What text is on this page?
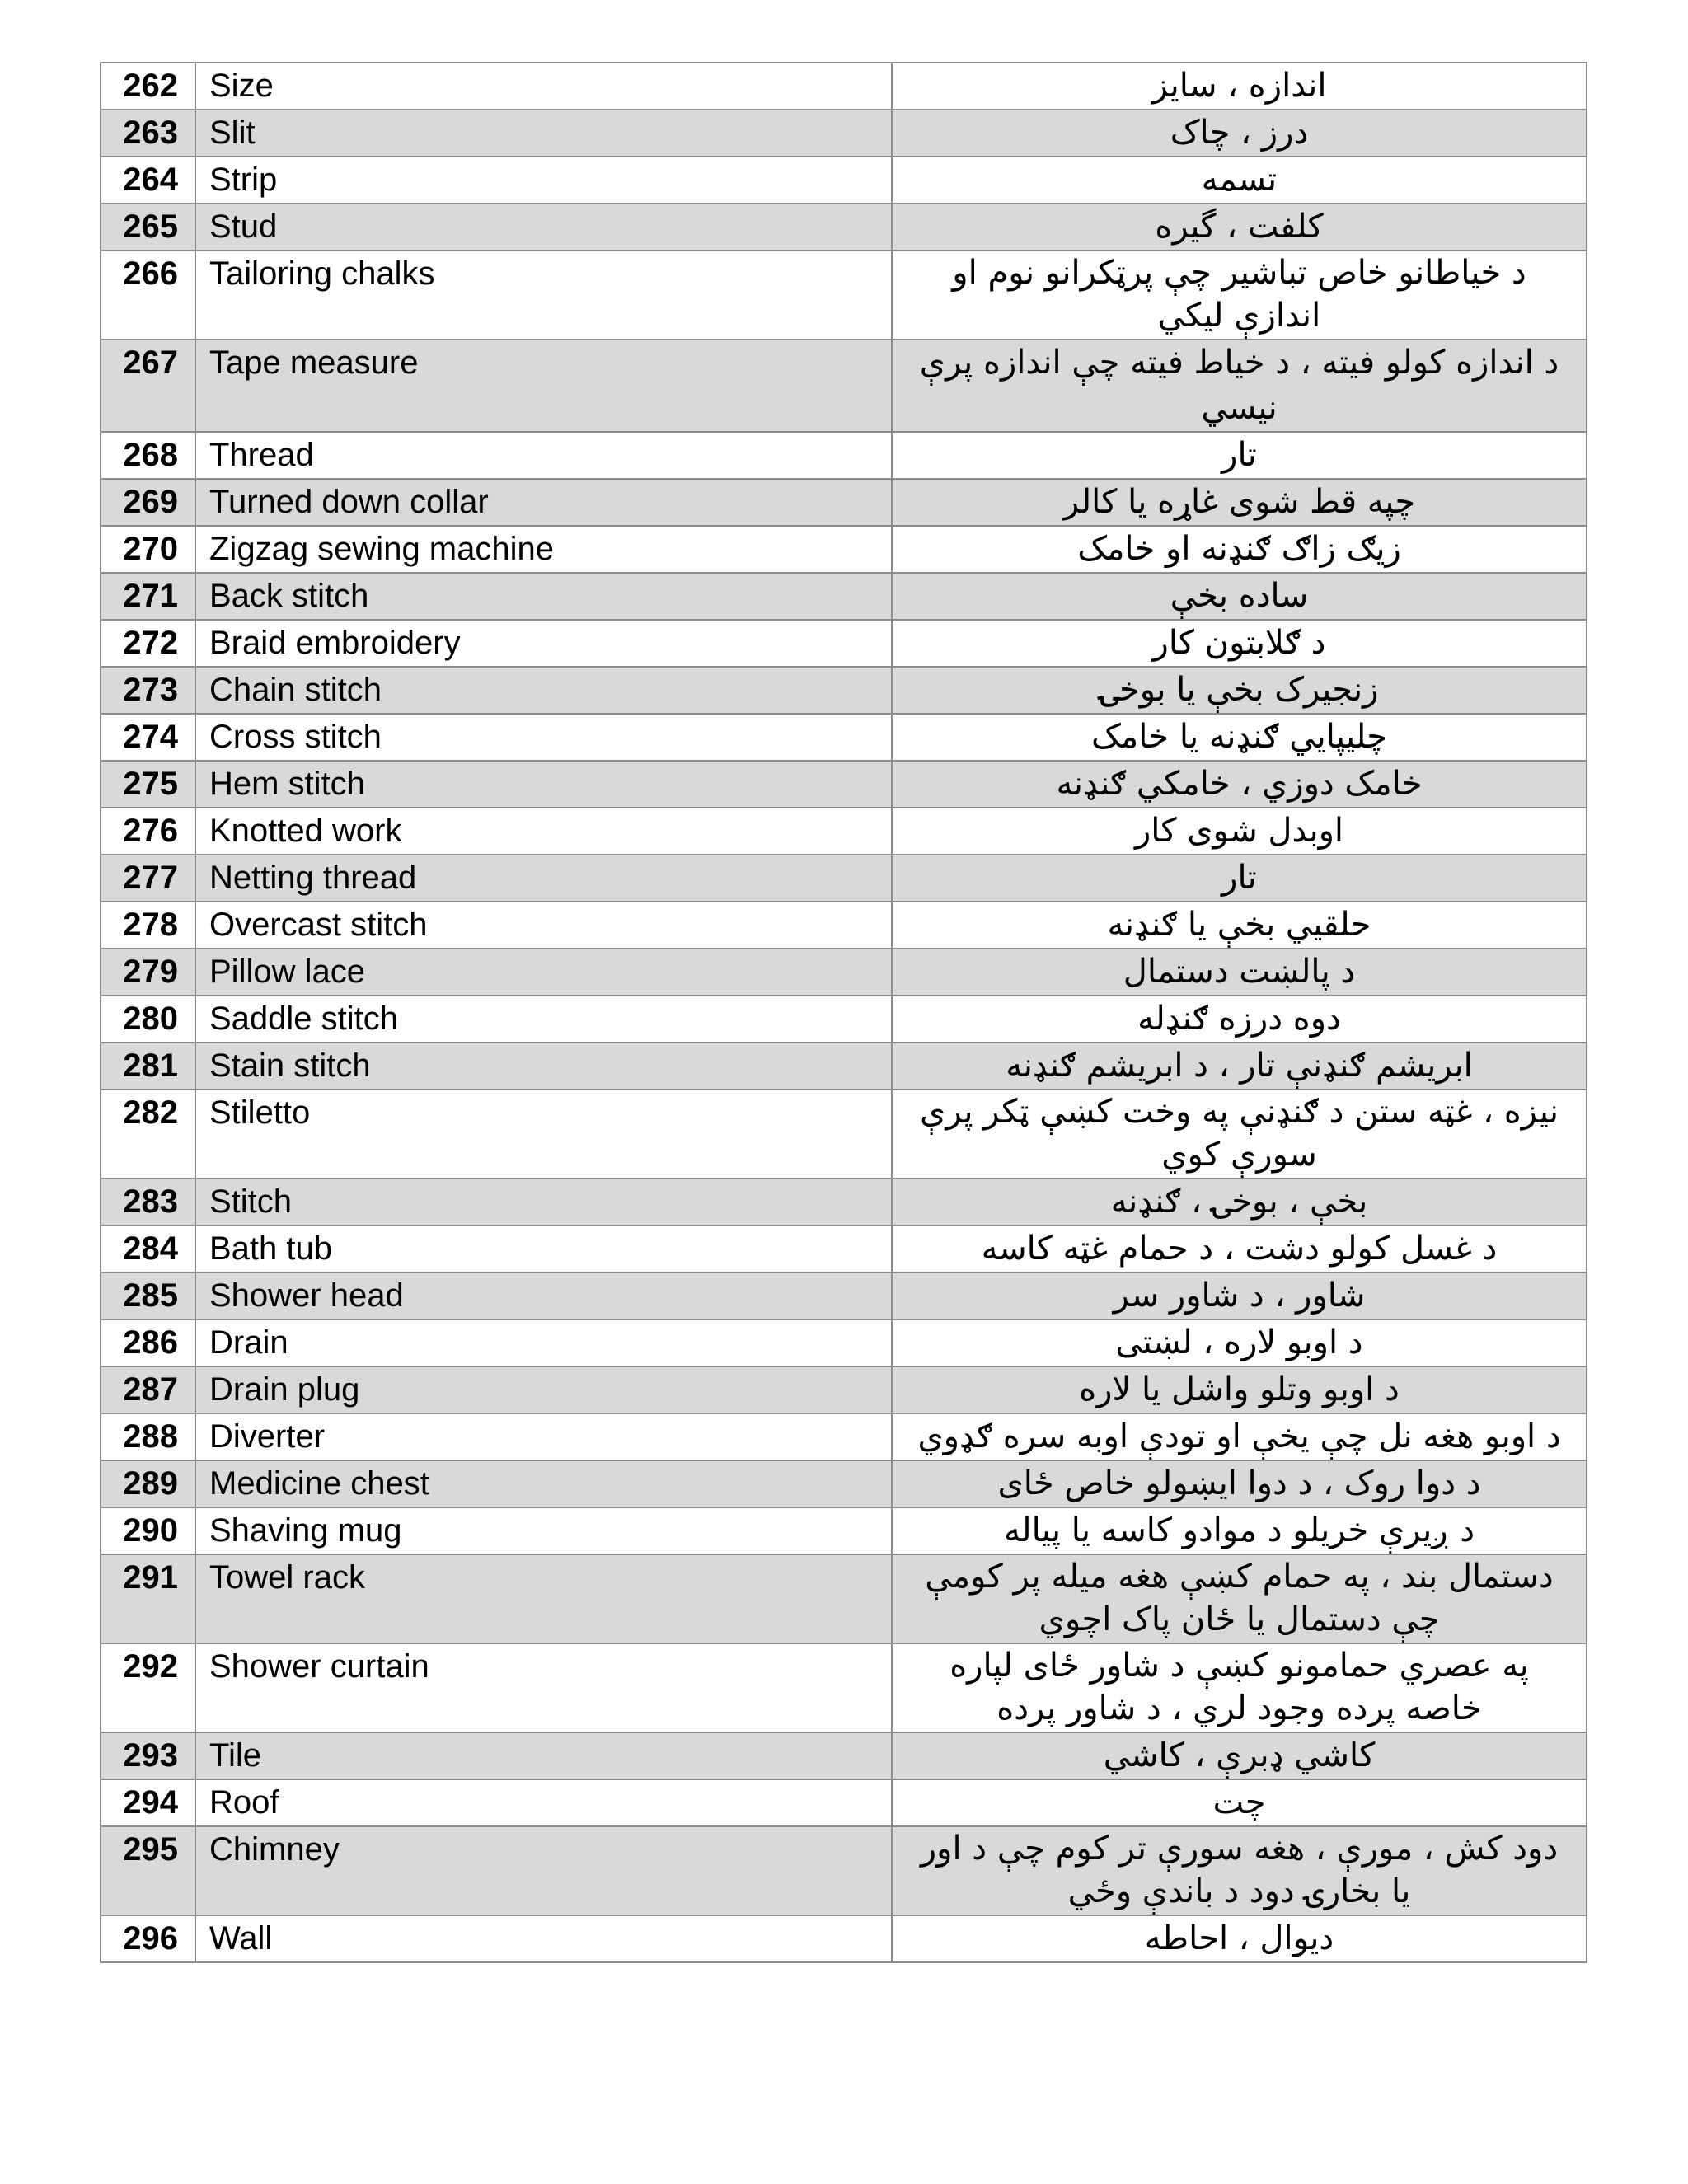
262	Size	اندازه ، سایز
263	Slit	درز ، چاک
264	Strip	تسمه
265	Stud	کلفت ، گیره
266	Tailoring chalks	د خیاطانو خاص تباشیر چې پرټکرانو نوم او اندازې لیکي
267	Tape measure	د اندازه کولو فیته ، د خیاط فیته چې اندازه پرې نیسي
268	Thread	تار
269	Turned down collar	چپه قط شوی غاړه یا کالر
270	Zigzag sewing machine	زیګ زاګ ګنډنه او خامک
271	Back stitch	ساده بخې
272	Braid embroidery	د ګلابتون کار
273	Chain stitch	زنجیرک بخې یا بوخۍ
274	Cross stitch	چلیپایي ګنډنه یا خامک
275	Hem stitch	خامک دوزي ، خامکي ګنډنه
276	Knotted work	اوبدل شوی کار
277	Netting thread	تار
278	Overcast stitch	حلقیي بخې یا ګنډنه
279	Pillow lace	د پالښت دستمال
280	Saddle stitch	دوه درزه ګنډله
281	Stain stitch	ابریشم ګنډنې تار ، د ابریشم ګنډنه
282	Stiletto	نیزه ، غټه ستن د ګنډنې په وخت کښې ټکر پرې سورې کوي
283	Stitch	بخې ، بوخۍ ، ګنډنه
284	Bath tub	د غسل کولو دشت ، د حمام غټه کاسه
285	Shower head	شاور ، د شاور سر
286	Drain	د اوبو لاره ، لښتی
287	Drain plug	د اوبو وتلو واشل یا لاره
288	Diverter	د اوبو هغه نل چې یخې او تودې اوبه سره ګډوي
289	Medicine chest	د دوا روک ، د دوا ایښولو خاص ځای
290	Shaving mug	د ږیرې خریلو د موادو کاسه یا پیاله
291	Towel rack	دستمال بند ، په حمام کښې هغه میله پر کومې چې دستمال یا ځان پاک اچوي
292	Shower curtain	په عصري حمامونو کښې د شاور ځای لپاره خاصه پرده وجود لري ، د شاور پرده
293	Tile	کاشي ډبرې ، کاشي
294	Roof	چت
295	Chimney	دود کش ، مورې ، هغه سورې تر کوم چې د اور یا بخارۍ دود د باندې وځي
296	Wall	دیوال ، احاطه
